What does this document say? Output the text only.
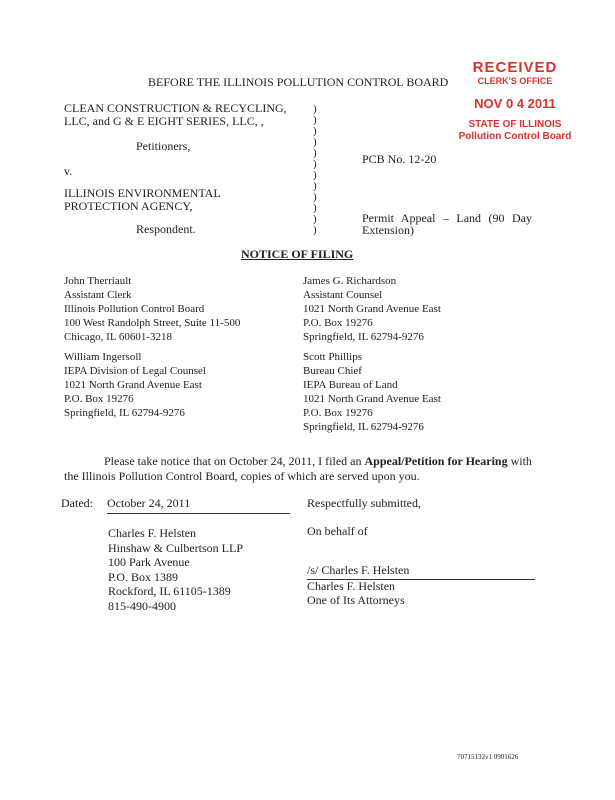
RECEIVED
CLERK'S OFFICE
NOV 0 4 2011
STATE OF ILLINOIS
Pollution Control Board
BEFORE THE ILLINOIS POLLUTION CONTROL BOARD
CLEAN CONSTRUCTION & RECYCLING,
LLC, and G & E EIGHT SERIES, LLC, ,
Petitioners,
v.
ILLINOIS ENVIRONMENTAL
PROTECTION AGENCY,
Respondent.
)
)
)
)
)
)
)
)
)
)
)
)
PCB No. 12-20
Permit Appeal – Land (90 Day
Extension)
NOTICE OF FILING
John Therriault
Assistant Clerk
Illinois Pollution Control Board
100 West Randolph Street, Suite 11-500
Chicago, IL 60601-3218
James G. Richardson
Assistant Counsel
1021 North Grand Avenue East
P.O. Box 19276
Springfield, IL 62794-9276
William Ingersoll
IEPA Division of Legal Counsel
1021 North Grand Avenue East
P.O. Box 19276
Springfield, IL 62794-9276
Scott Phillips
Bureau Chief
IEPA Bureau of Land
1021 North Grand Avenue East
P.O. Box 19276
Springfield, IL 62794-9276
Please take notice that on October 24, 2011, I filed an Appeal/Petition for Hearing with
the Illinois Pollution Control Board, copies of which are served upon you.
Dated: October 24, 2011	Respectfully submitted,
On behalf of
Charles F. Helsten
Hinshaw & Culbertson LLP
100 Park Avenue
P.O. Box 1389
Rockford, IL 61105-1389
815-490-4900
/s/ Charles F. Helsten
Charles F. Helsten
One of Its Attorneys
70715132v1 0901626
